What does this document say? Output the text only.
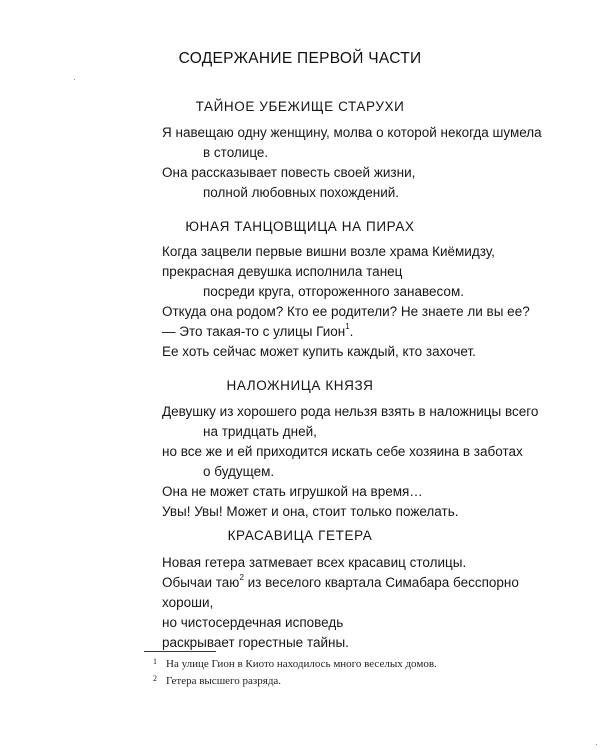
СОДЕРЖАНИЕ ПЕРВОЙ ЧАСТИ
ТАЙНОЕ УБЕЖИЩЕ СТАРУХИ
Я навещаю одну женщину, молва о которой некогда шумела
в столице.
Она рассказывает повесть своей жизни,
полной любовных похождений.
ЮНАЯ ТАНЦОВЩИЦА НА ПИРАХ
Когда зацвели первые вишни возле храма Киёмидзу,
прекрасная девушка исполнила танец
посреди круга, отгороженного занавесом.
Откуда она родом? Кто ее родители? Не знаете ли вы ее?
— Это такая-то с улицы Гион$^1$.
Ее хоть сейчас может купить каждый, кто захочет.
НАЛОЖНИЦА КНЯЗЯ
Девушку из хорошего рода нельзя взять в наложницы всего
на тридцать дней,
но все же и ей приходится искать себе хозяина в заботах
о будущем.
Она не может стать игрушкой на время…
Увы! Увы! Может и она, стоит только пожелать.
КРАСАВИЦА ГЕТЕРА
Новая гетера затмевает всех красавиц столицы.
Обычаи таю$^2$ из веселого квартала Симабара бесспорно
хороши,
но чистосердечная исповедь
раскрывает горестные тайны.
1 На улице Гион в Киото находилось много веселых домов.
2 Гетера высшего разряда.
